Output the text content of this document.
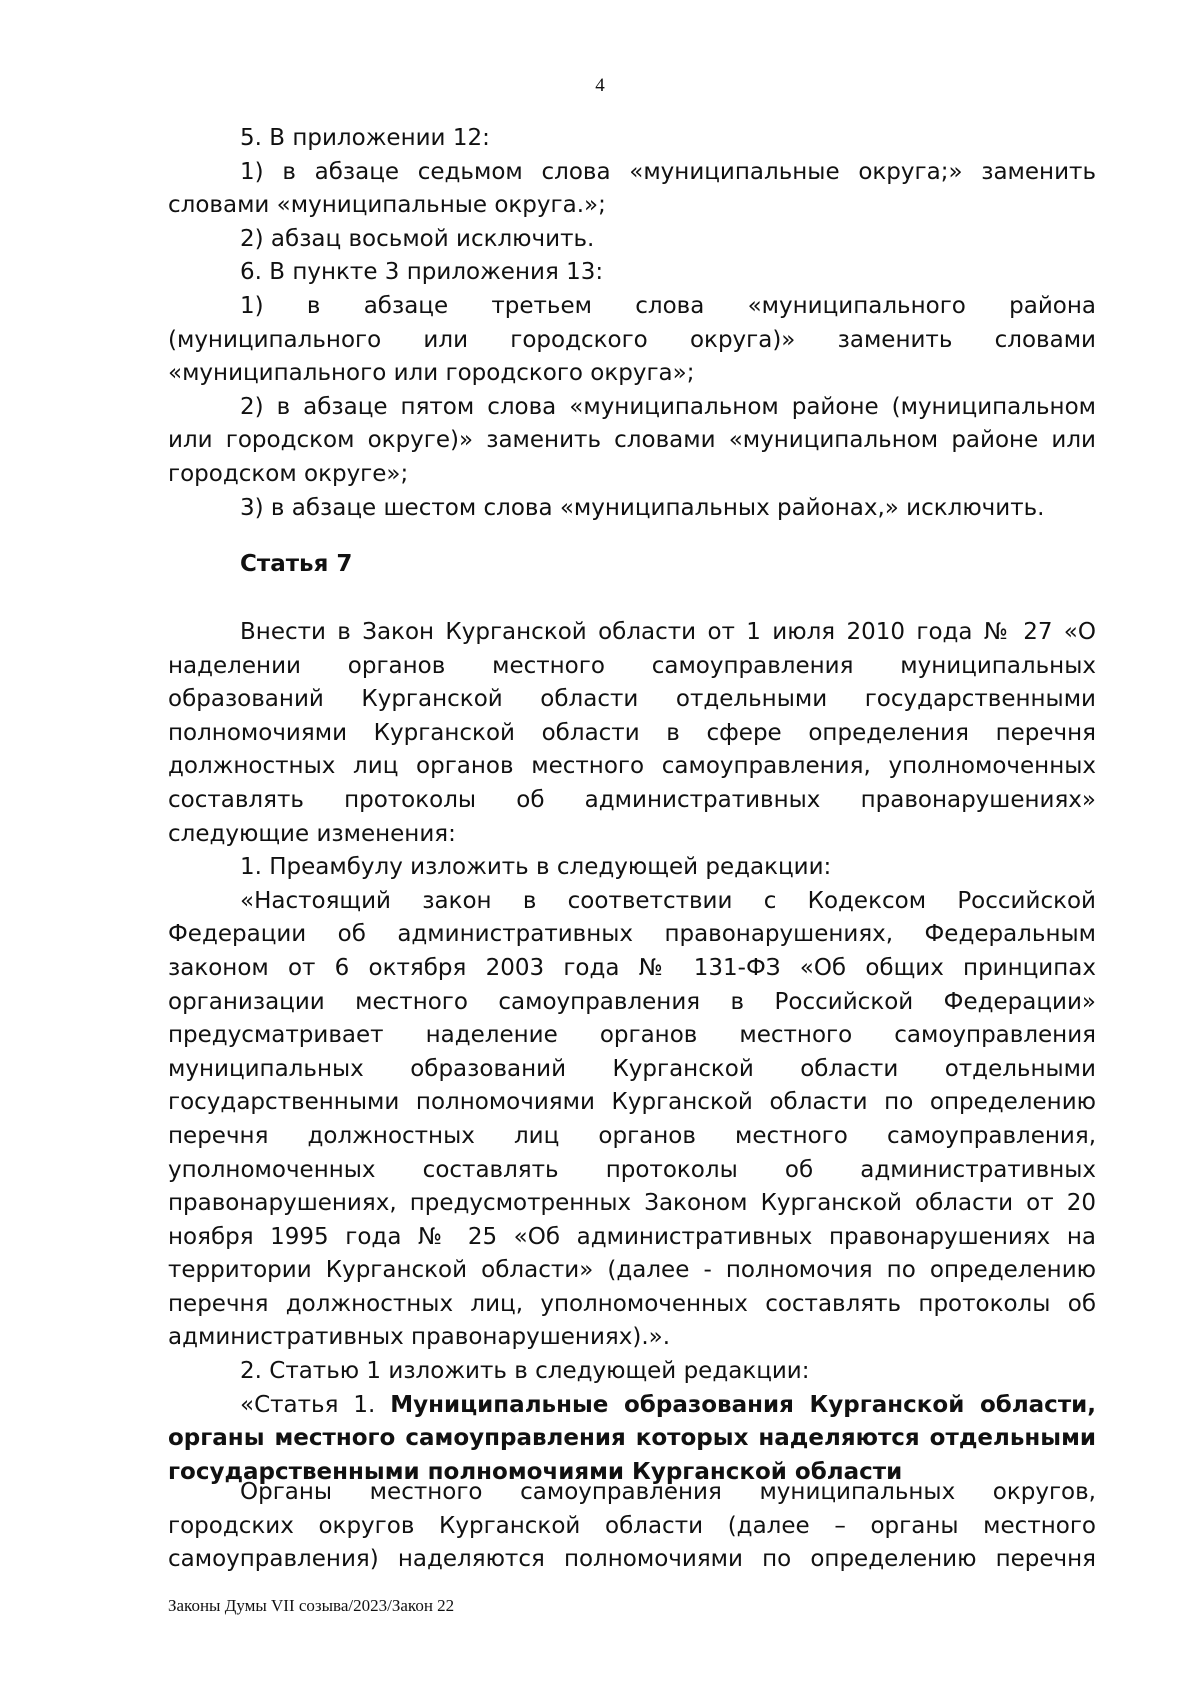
4

5. В приложении 12:

1) в абзаце седьмом слова «муниципальные округа;» заменить словами «муниципальные округа.»;

2) абзац восьмой исключить.

6. В пункте 3 приложения 13:

1) в абзаце третьем слова «муниципального района (муниципального или городского округа)» заменить словами «муниципального или городского округа»;

2) в абзаце пятом слова «муниципальном районе (муниципальном или городском округе)» заменить словами «муниципальном районе или городском округе»;

3) в абзаце шестом слова «муниципальных районах,» исключить.

Статья 7

Внести в Закон Курганской области от 1 июля 2010 года № 27 «О наделении органов местного самоуправления муниципальных образований Курганской области отдельными государственными полномочиями Курганской области в сфере определения перечня должностных лиц органов местного самоуправления, уполномоченных составлять протоколы об административных правонарушениях» следующие изменения:

1. Преамбулу изложить в следующей редакции:

«Настоящий закон в соответствии с Кодексом Российской Федерации об административных правонарушениях, Федеральным законом от 6 октября 2003 года № 131-ФЗ «Об общих принципах организации местного самоуправления в Российской Федерации» предусматривает наделение органов местного самоуправления муниципальных образований Курганской области отдельными государственными полномочиями Курганской области по определению перечня должностных лиц органов местного самоуправления, уполномоченных составлять протоколы об административных правонарушениях, предусмотренных Законом Курганской области от 20 ноября 1995 года № 25 «Об административных правонарушениях на территории Курганской области» (далее - полномочия по определению перечня должностных лиц, уполномоченных составлять протоколы об административных правонарушениях).».

2. Статью 1 изложить в следующей редакции:

«Статья 1. Муниципальные образования Курганской области, органы местного самоуправления которых наделяются отдельными государственными полномочиями Курганской области

Органы местного самоуправления муниципальных округов, городских округов Курганской области (далее – органы местного самоуправления) наделяются полномочиями по определению перечня

Законы Думы VII созыва/2023/Закон 22
